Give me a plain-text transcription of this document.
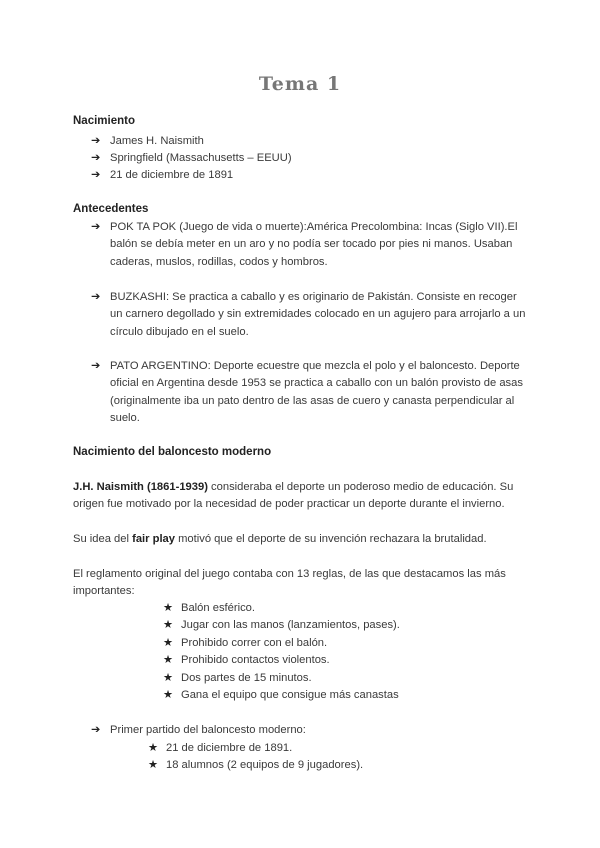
Tema 1
Nacimiento
➔ James H. Naismith
➔ Springfield (Massachusetts – EEUU)
➔ 21 de diciembre de 1891
Antecedentes
➔ POK TA POK (Juego de vida o muerte):América Precolombina: Incas (Siglo VII).El balón se debía meter en un aro y no podía ser tocado por pies ni manos. Usaban caderas, muslos, rodillas, codos y hombros.
➔ BUZKASHI: Se practica a caballo y es originario de Pakistán. Consiste en recoger un carnero degollado y sin extremidades colocado en un agujero para arrojarlo a un círculo dibujado en el suelo.
➔ PATO ARGENTINO: Deporte ecuestre que mezcla el polo y el baloncesto. Deporte oficial en Argentina desde 1953 se practica a caballo con un balón provisto de asas (originalmente iba un pato dentro de las asas de cuero y canasta perpendicular al suelo.
Nacimiento del baloncesto moderno
J.H. Naismith (1861-1939) consideraba el deporte un poderoso medio de educación. Su origen fue motivado por la necesidad de poder practicar un deporte durante el invierno.
Su idea del fair play motivó que el deporte de su invención rechazara la brutalidad.
El reglamento original del juego contaba con 13 reglas, de las que destacamos las más importantes:
★ Balón esférico.
★ Jugar con las manos (lanzamientos, pases).
★ Prohibido correr con el balón.
★ Prohibido contactos violentos.
★ Dos partes de 15 minutos.
★ Gana el equipo que consigue más canastas
➔ Primer partido del baloncesto moderno:
★ 21 de diciembre de 1891.
★ 18 alumnos (2 equipos de 9 jugadores).
